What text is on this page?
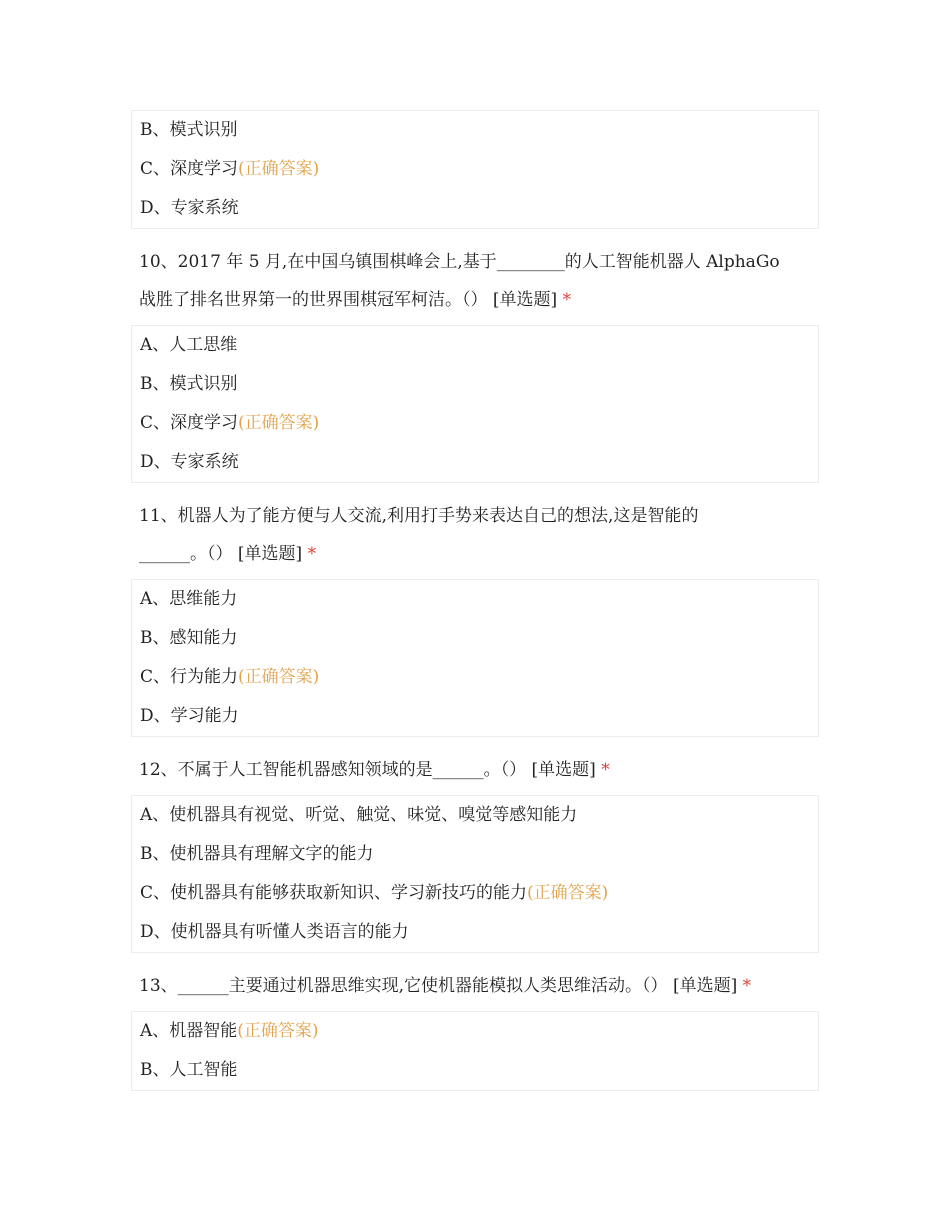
B、模式识别
C、深度学习(正确答案)
D、专家系统
10、2017 年 5 月,在中国乌镇围棋峰会上,基于________的人工智能机器人 AlphaGo
战胜了排名世界第一的世界围棋冠军柯洁。（） [单选题] *
A、人工思维
B、模式识别
C、深度学习(正确答案)
D、专家系统
11、机器人为了能方便与人交流,利用打手势来表达自己的想法,这是智能的
______。（） [单选题] *
A、思维能力
B、感知能力
C、行为能力(正确答案)
D、学习能力
12、不属于人工智能机器感知领域的是______。（） [单选题] *
A、使机器具有视觉、听觉、触觉、味觉、嗅觉等感知能力
B、使机器具有理解文字的能力
C、使机器具有能够获取新知识、学习新技巧的能力(正确答案)
D、使机器具有听懂人类语言的能力
13、______主要通过机器思维实现,它使机器能模拟人类思维活动。（） [单选题] *
A、机器智能(正确答案)
B、人工智能
